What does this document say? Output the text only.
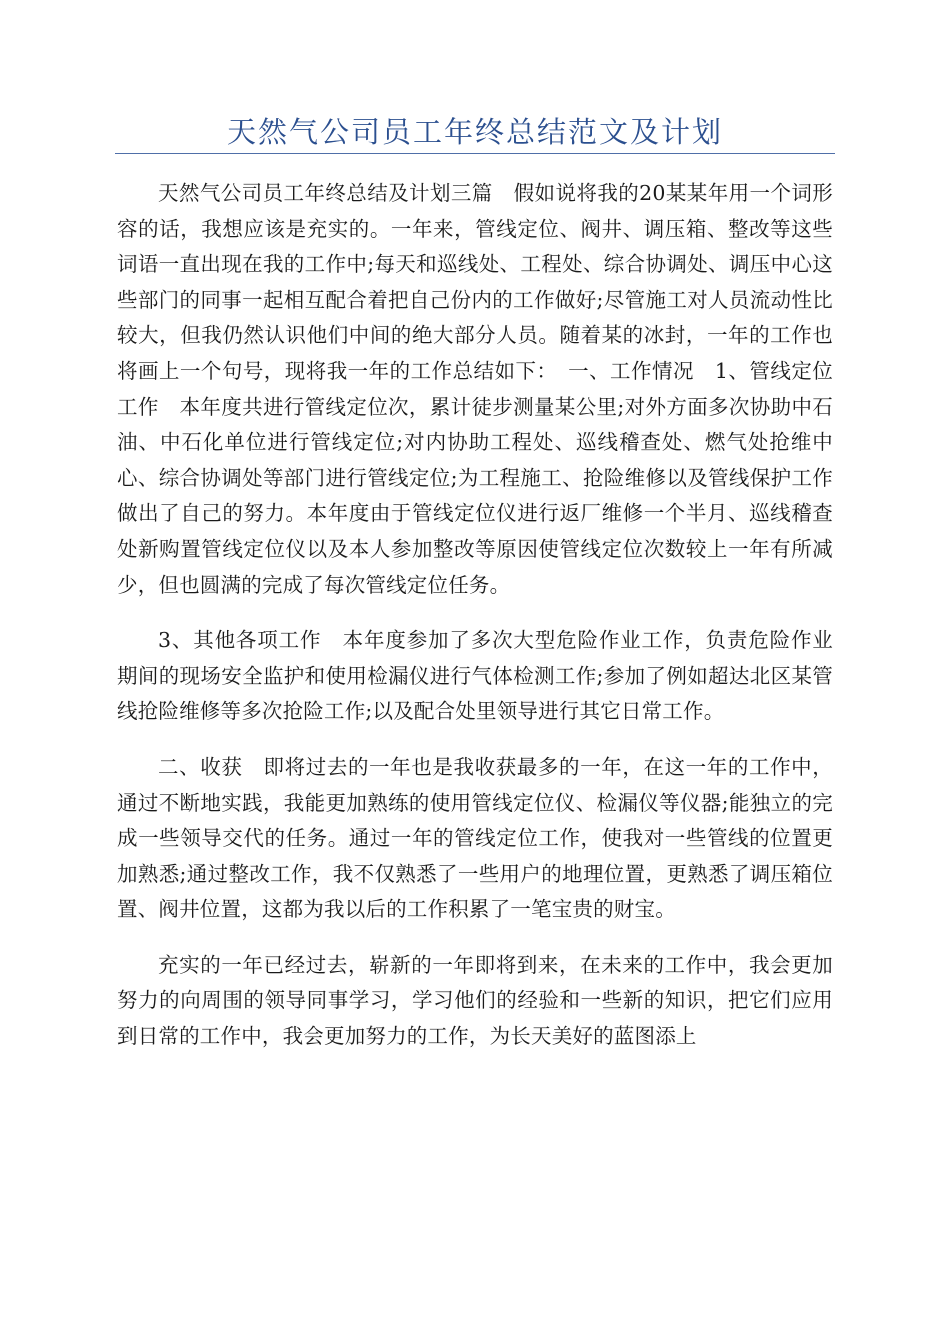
天然气公司员工年终总结范文及计划

天然气公司员工年终总结及计划三篇　假如说将我的20某某年用一个词形容的话，我想应该是充实的。一年来，管线定位、阀井、调压箱、整改等这些词语一直出现在我的工作中;每天和巡线处、工程处、综合协调处、调压中心这些部门的同事一起相互配合着把自己份内的工作做好;尽管施工对人员流动性比较大，但我仍然认识他们中间的绝大部分人员。随着某的冰封，一年的工作也将画上一个句号，现将我一年的工作总结如下：　一、工作情况　1、管线定位工作　本年度共进行管线定位次，累计徒步测量某公里;对外方面多次协助中石油、中石化单位进行管线定位;对内协助工程处、巡线稽查处、燃气处抢维中心、综合协调处等部门进行管线定位;为工程施工、抢险维修以及管线保护工作做出了自己的努力。本年度由于管线定位仪进行返厂维修一个半月、巡线稽查处新购置管线定位仪以及本人参加整改等原因使管线定位次数较上一年有所减少，但也圆满的完成了每次管线定位任务。

3、其他各项工作　本年度参加了多次大型危险作业工作，负责危险作业期间的现场安全监护和使用检漏仪进行气体检测工作;参加了例如超达北区某管线抢险维修等多次抢险工作;以及配合处里领导进行其它日常工作。

二、收获　即将过去的一年也是我收获最多的一年，在这一年的工作中，通过不断地实践，我能更加熟练的使用管线定位仪、检漏仪等仪器;能独立的完成一些领导交代的任务。通过一年的管线定位工作，使我对一些管线的位置更加熟悉;通过整改工作，我不仅熟悉了一些用户的地理位置，更熟悉了调压箱位置、阀井位置，这都为我以后的工作积累了一笔宝贵的财宝。

充实的一年已经过去，崭新的一年即将到来，在未来的工作中，我会更加努力的向周围的领导同事学习，学习他们的经验和一些新的知识，把它们应用到日常的工作中，我会更加努力的工作，为长天美好的蓝图添上
